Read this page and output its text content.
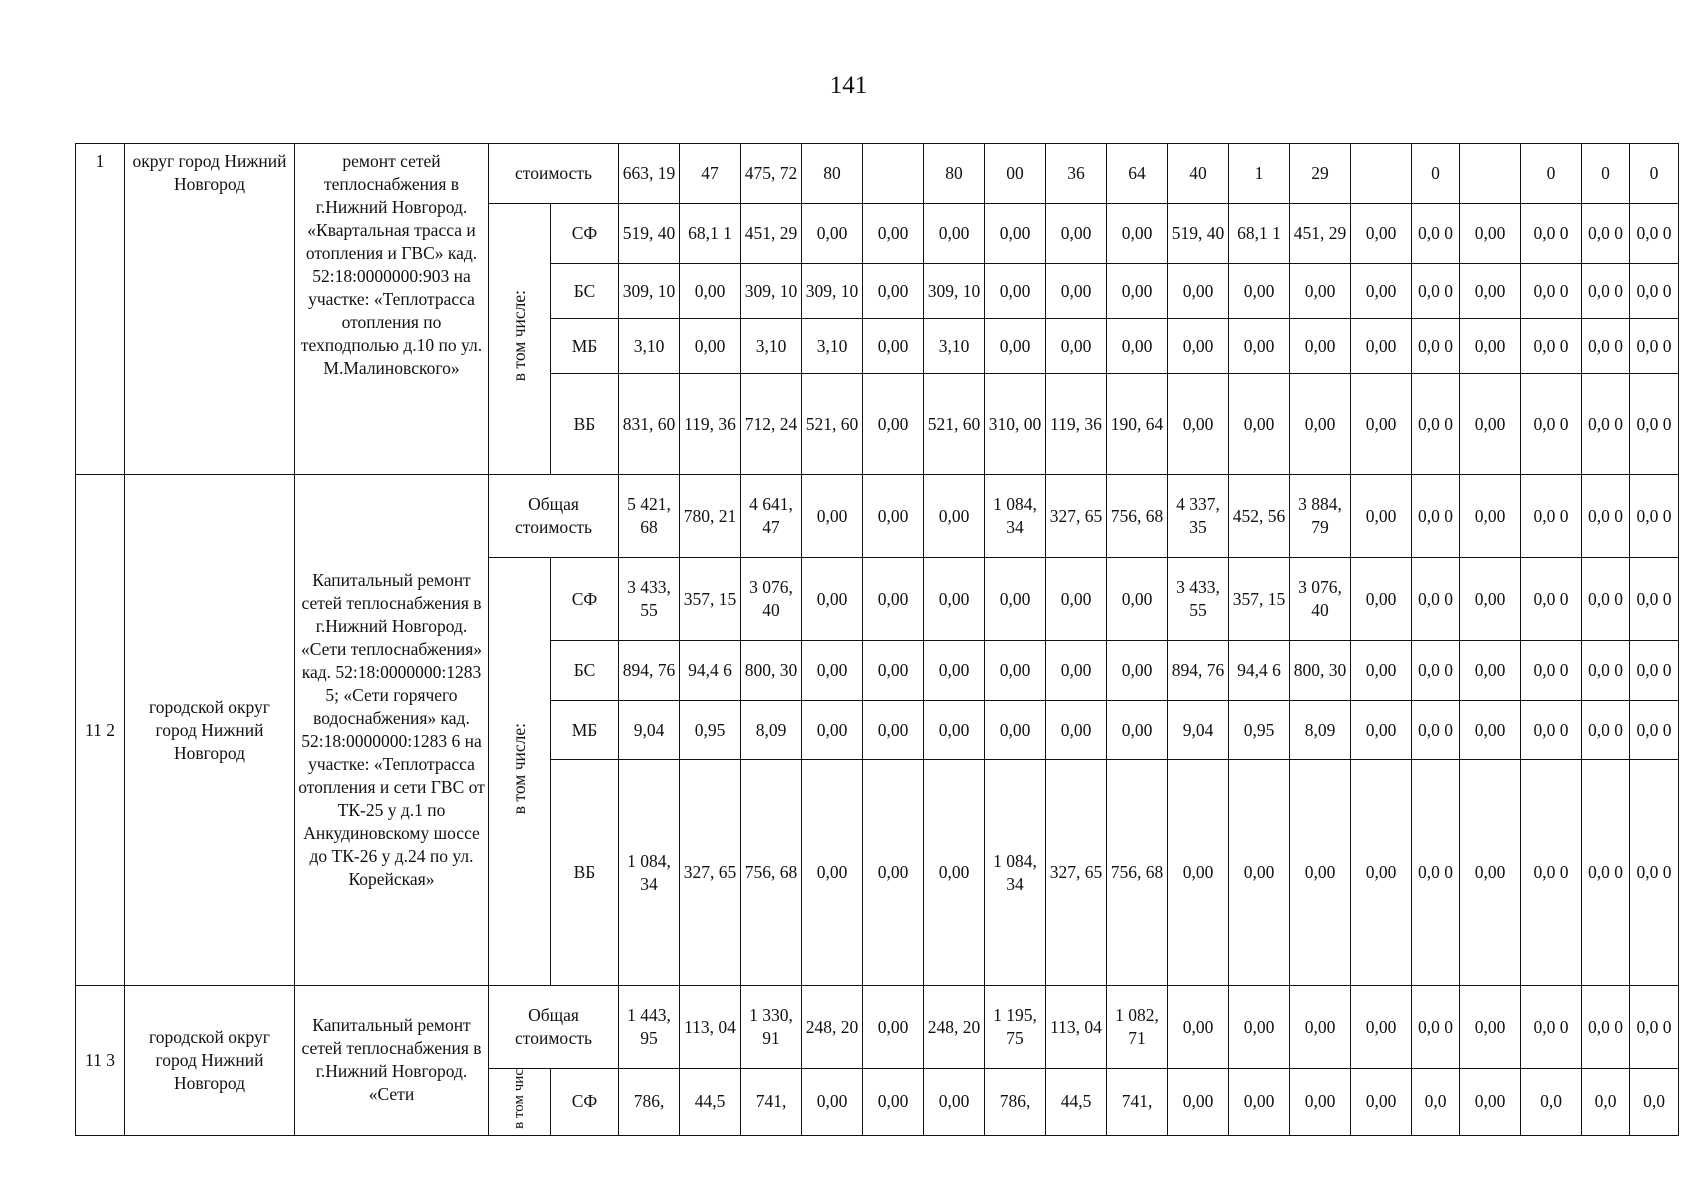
141
1	округ город Нижний Новгород	ремонт сетей теплоснабжения в г.Нижний Новгород. «Квартальная трасса и отопления и ГВС» кад. 52:18:0000000:903 на участке: «Теплотрасса отопления по техподполью д.10 по ул. М.Малиновского»	стоимость		663, 19	47	475, 72	80		80	00	36	64	40	1	29		0		0	0	0
			в том числе:	СФ	519, 40	68,1 1	451, 29	0,00	0,00	0,00	0,00	0,00	0,00	519, 40	68,1 1	451, 29	0,00	0,0 0	0,00	0,0 0	0,0 0	0,0 0
				БС	309, 10	0,00	309, 10	309, 10	0,00	309, 10	0,00	0,00	0,00	0,00	0,00	0,00	0,00	0,0 0	0,00	0,0 0	0,0 0	0,0 0
				МБ	3,10	0,00	3,10	3,10	0,00	3,10	0,00	0,00	0,00	0,00	0,00	0,00	0,00	0,0 0	0,00	0,0 0	0,0 0	0,0 0
				ВБ	831, 60	119, 36	712, 24	521, 60	0,00	521, 60	310, 00	119, 36	190, 64	0,00	0,00	0,00	0,00	0,0 0	0,00	0,0 0	0,0 0	0,0 0
11 2	городской округ город Нижний Новгород	Капитальный ремонт сетей теплоснабжения в г.Нижний Новгород. «Сети теплоснабжения» кад. 52:18:0000000:1283 5; «Сети горячего водоснабжения» кад. 52:18:0000000:1283 6 на участке: «Теплотрасса отопления и сети ГВС от ТК-25 у д.1 по Анкудиновскому шоссе до ТК-26 у д.24 по ул. Корейская»	Общая стоимость		5 421, 68	780, 21	4 641, 47	0,00	0,00	0,00	1 084, 34	327, 65	756, 68	4 337, 35	452, 56	3 884, 79	0,00	0,0 0	0,00	0,0 0	0,0 0	0,0 0
			в том числе:	СФ	3 433, 55	357, 15	3 076, 40	0,00	0,00	0,00	0,00	0,00	0,00	3 433, 55	357, 15	3 076, 40	0,00	0,0 0	0,00	0,0 0	0,0 0	0,0 0
				БС	894, 76	94,4 6	800, 30	0,00	0,00	0,00	0,00	0,00	0,00	894, 76	94,4 6	800, 30	0,00	0,0 0	0,00	0,0 0	0,0 0	0,0 0
				МБ	9,04	0,95	8,09	0,00	0,00	0,00	0,00	0,00	0,00	9,04	0,95	8,09	0,00	0,0 0	0,00	0,0 0	0,0 0	0,0 0
				ВБ	1 084, 34	327, 65	756, 68	0,00	0,00	0,00	1 084, 34	327, 65	756, 68	0,00	0,00	0,00	0,00	0,0 0	0,00	0,0 0	0,0 0	0,0 0
11 3	городской округ город Нижний Новгород	Капитальный ремонт сетей теплоснабжения в г.Нижний Новгород. «Сети	Общая стоимость		1 443, 95	113, 04	1 330, 91	248, 20	0,00	248, 20	1 195, 75	113, 04	1 082, 71	0,00	0,00	0,00	0,00	0,0 0	0,00	0,0 0	0,0 0	0,0 0
			в том чис	СФ	786,	44,5	741,	0,00	0,00	0,00	786,	44,5	741,	0,00	0,00	0,00	0,00	0,0	0,00	0,0	0,0	0,0
